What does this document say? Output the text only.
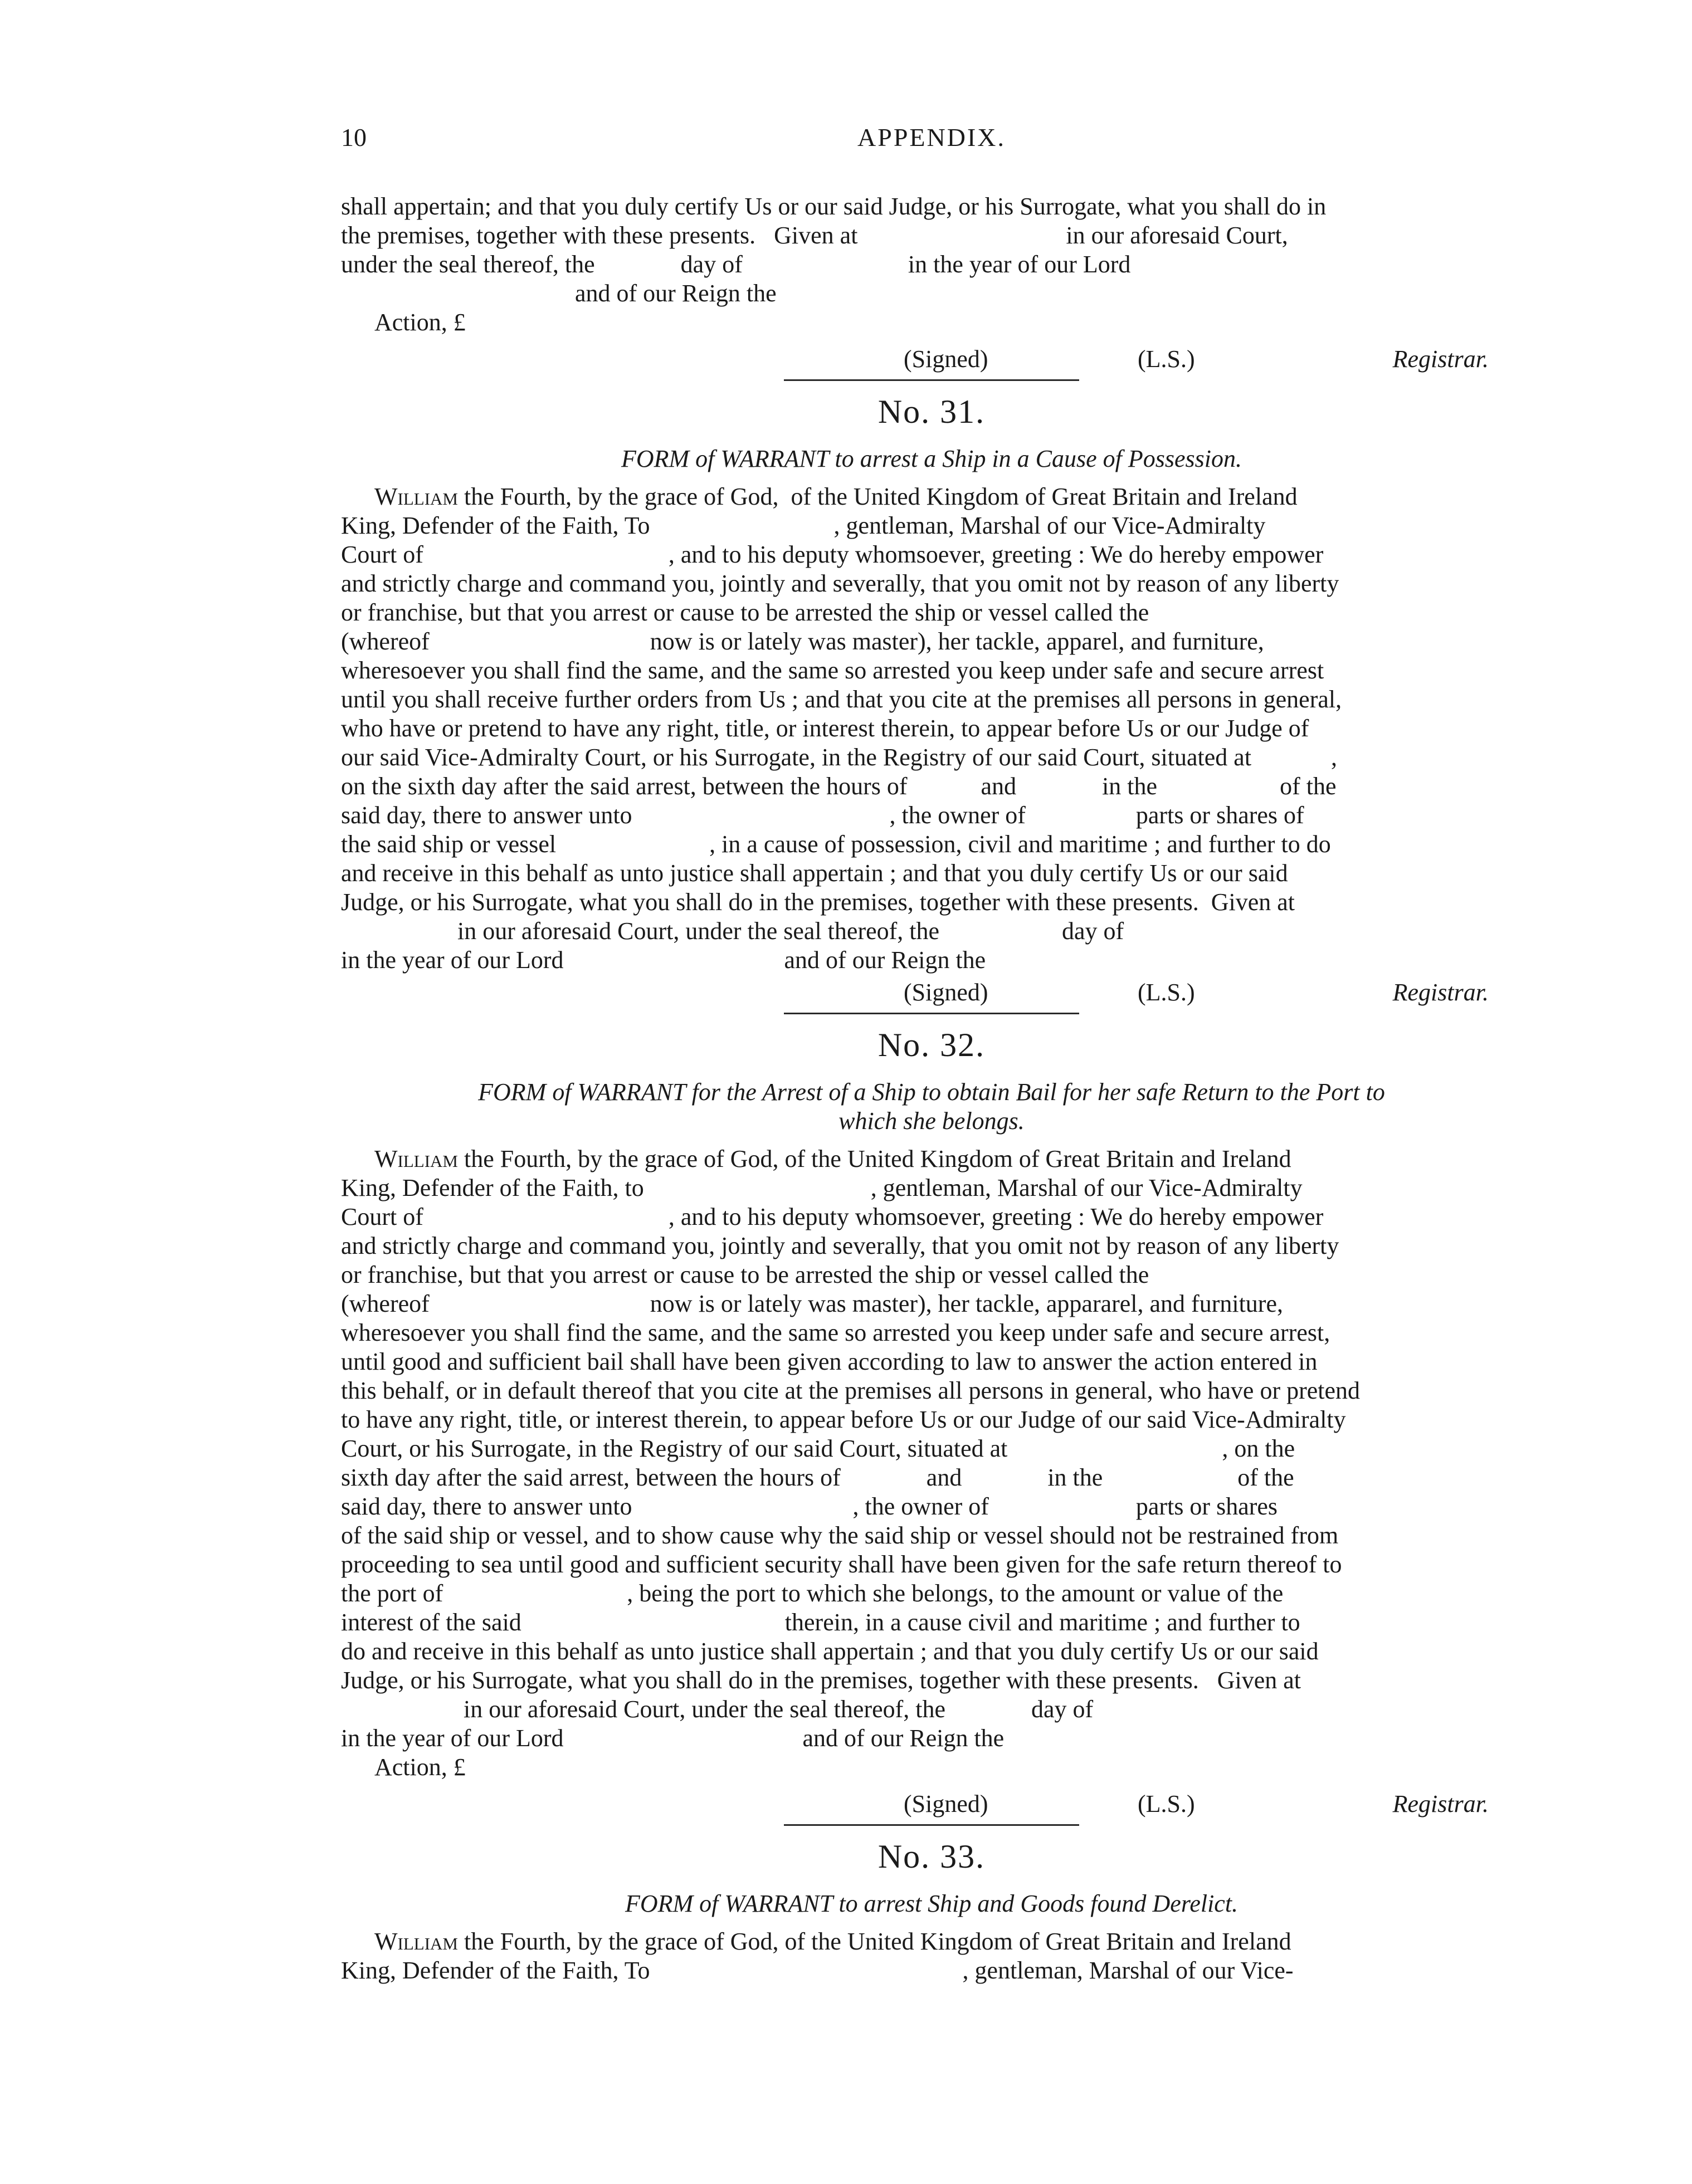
10	APPENDIX.

shall appertain; and that you duly certify Us or our said Judge, or his Surrogate, what you shall do in
the premises, together with these presents.   Given at                                  in our aforesaid Court,
under the seal thereof, the              day of                           in the year of our Lord
and of our Reign the
Action, £

(Signed)	(L.S.)	Registrar.
No. 31.
FORM of WARRANT to arrest a Ship in a Cause of Possession.

William the Fourth, by the grace of God,  of the United Kingdom of Great Britain and Ireland
King, Defender of the Faith, To                              , gentleman, Marshal of our Vice-Admiralty
Court of                                        , and to his deputy whomsoever, greeting : We do hereby empower
and strictly charge and command you, jointly and severally, that you omit not by reason of any liberty
or franchise, but that you arrest or cause to be arrested the ship or vessel called the
(whereof                                    now is or lately was master), her tackle, apparel, and furniture,
wheresoever you shall find the same, and the same so arrested you keep under safe and secure arrest
until you shall receive further orders from Us ; and that you cite at the premises all persons in general,
who have or pretend to have any right, title, or interest therein, to appear before Us or our Judge of
our said Vice-Admiralty Court, or his Surrogate, in the Registry of our said Court, situated at             ,
on the sixth day after the said arrest, between the hours of            and              in the                    of the
said day, there to answer unto                                          , the owner of                  parts or shares of
the said ship or vessel                         , in a cause of possession, civil and maritime ; and further to do
and receive in this behalf as unto justice shall appertain ; and that you duly certify Us or our said
Judge, or his Surrogate, what you shall do in the premises, together with these presents.  Given at
in our aforesaid Court, under the seal thereof, the                    day of
in the year of our Lord                                    and of our Reign the

(Signed)	(L.S.)	Registrar.
No. 32.
FORM of WARRANT for the Arrest of a Ship to obtain Bail for her safe Return to the Port to
which she belongs.

William the Fourth, by the grace of God, of the United Kingdom of Great Britain and Ireland
King, Defender of the Faith, to                                     , gentleman, Marshal of our Vice-Admiralty
Court of                                        , and to his deputy whomsoever, greeting : We do hereby empower
and strictly charge and command you, jointly and severally, that you omit not by reason of any liberty
or franchise, but that you arrest or cause to be arrested the ship or vessel called the
(whereof                                    now is or lately was master), her tackle, appararel, and furniture,
wheresoever you shall find the same, and the same so arrested you keep under safe and secure arrest,
until good and sufficient bail shall have been given according to law to answer the action entered in
this behalf, or in default thereof that you cite at the premises all persons in general, who have or pretend
to have any right, title, or interest therein, to appear before Us or our Judge of our said Vice-Admiralty
Court, or his Surrogate, in the Registry of our said Court, situated at                                   , on the
sixth day after the said arrest, between the hours of              and              in the                      of the
said day, there to answer unto                                    , the owner of                        parts or shares
of the said ship or vessel, and to show cause why the said ship or vessel should not be restrained from
proceeding to sea until good and sufficient security shall have been given for the safe return thereof to
the port of                              , being the port to which she belongs, to the amount or value of the
interest of the said                                           therein, in a cause civil and maritime ; and further to
do and receive in this behalf as unto justice shall appertain ; and that you duly certify Us or our said
Judge, or his Surrogate, what you shall do in the premises, together with these presents.   Given at
in our aforesaid Court, under the seal thereof, the              day of
in the year of our Lord                                       and of our Reign the
Action, £

(Signed)	(L.S.)	Registrar.
No. 33.
FORM of WARRANT to arrest Ship and Goods found Derelict.

William the Fourth, by the grace of God, of the United Kingdom of Great Britain and Ireland
King, Defender of the Faith, To                                                   , gentleman, Marshal of our Vice-
